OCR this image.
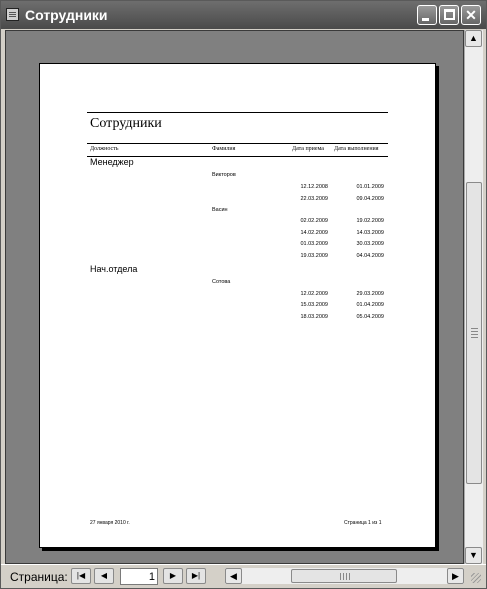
Сотрудники	✕
Сотрудники
Должность	Фамилия	Дата приема Дата выполнения
Менеджер
Викторов
12.12.2008	01.01.2009
22.03.2009	09.04.2009
Васин
02.02.2009	19.02.2009
14.02.2009	14.03.2009
01.03.2009	30.03.2009
19.03.2009	04.04.2009
Нач.отдела
Сотова
12.02.2009	29.03.2009
15.03.2009	01.04.2009
18.03.2009	05.04.2009
27 января 2010 г.	Страница 1 из 1
▲
▼
Страница:	|◀	◀
1	▶	▶|	◀	▶
